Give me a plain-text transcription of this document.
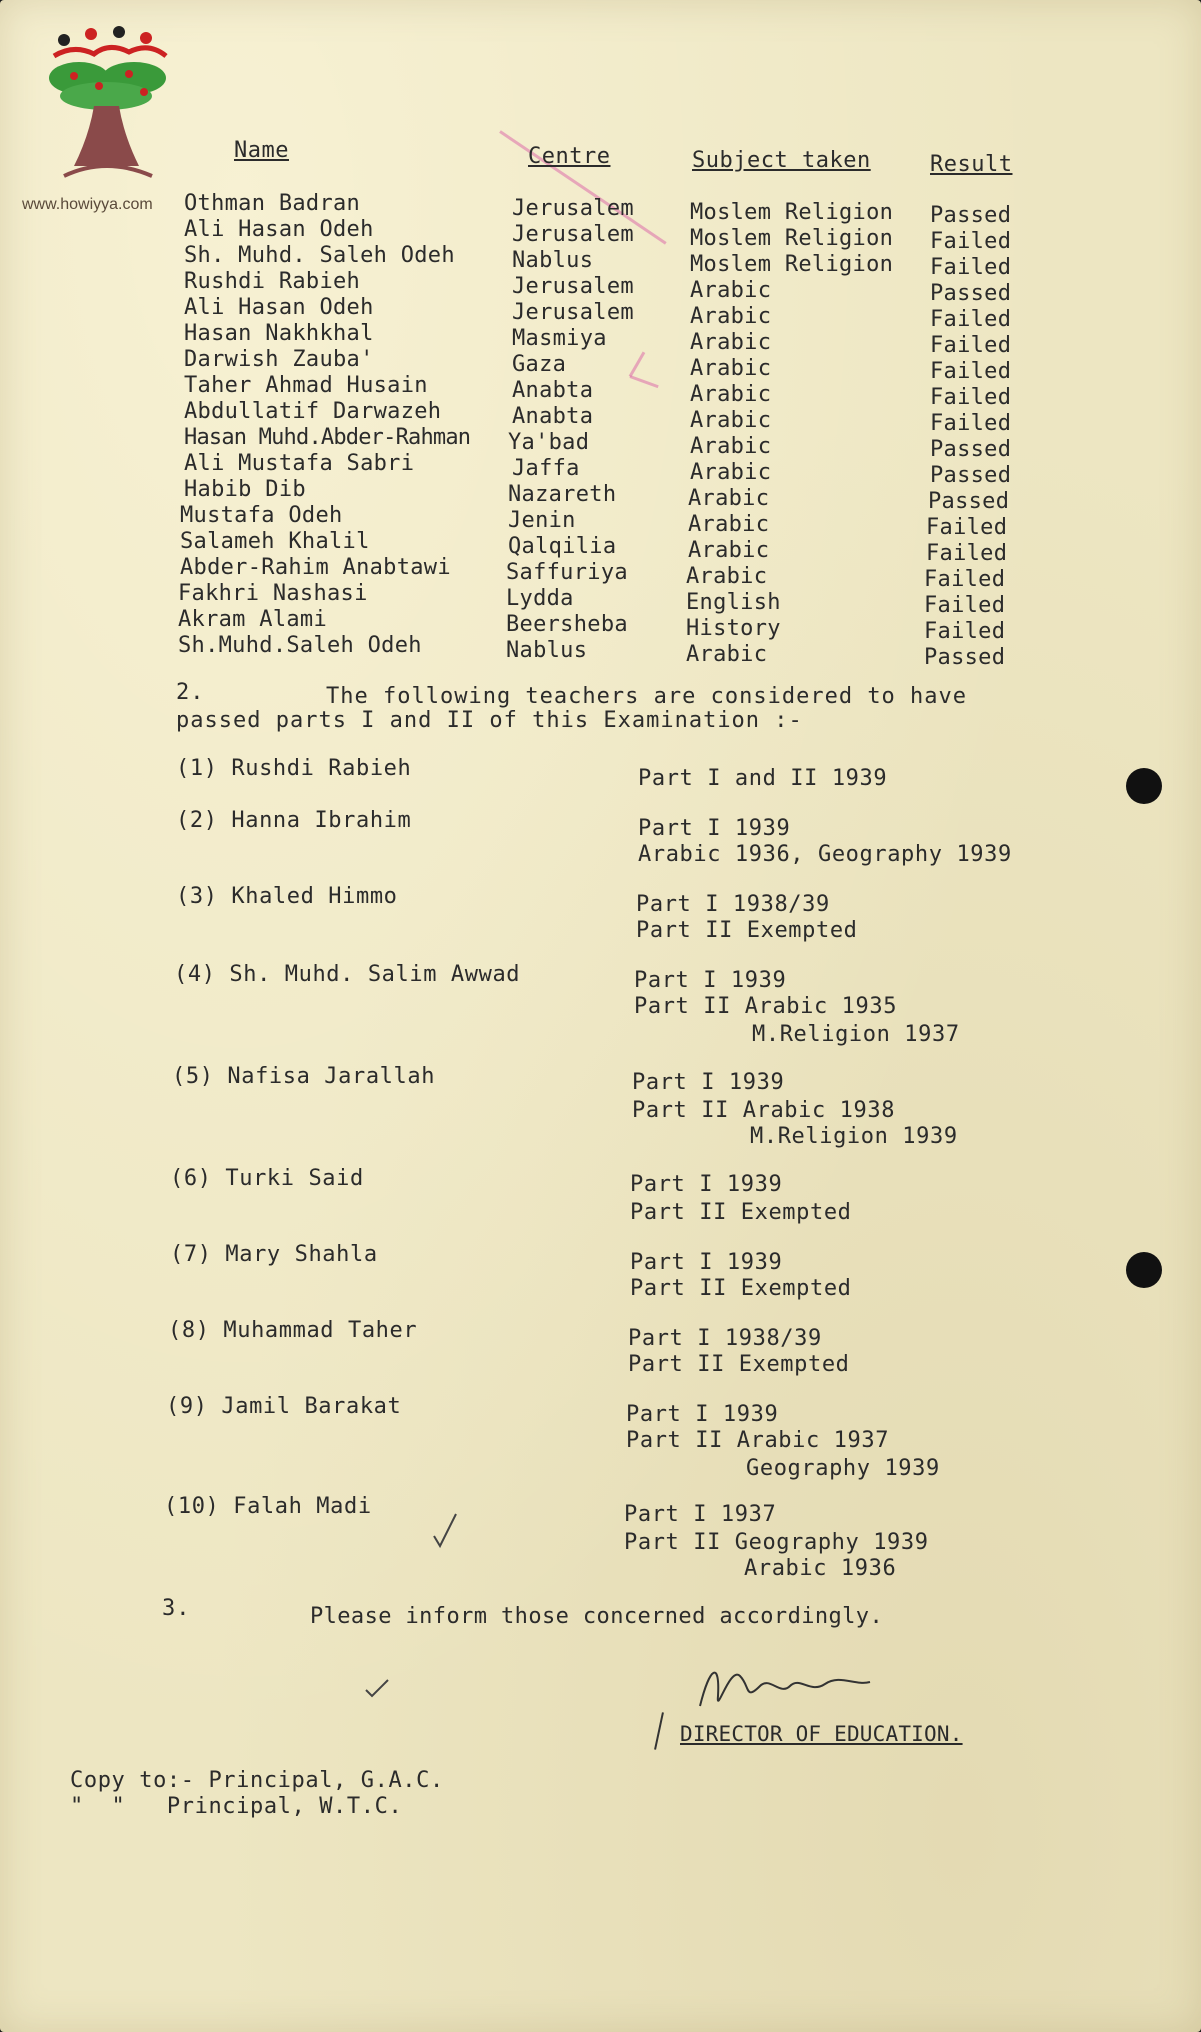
www.howiyya.com
Name	Centre	Subject taken	Result
Othman Badran	Jerusalem	Moslem Religion Passed
Ali Hasan Odeh	Jerusalem	Moslem Religion Failed
Sh. Muhd. Saleh Odeh	Nablus	Moslem Religion Failed
Rushdi Rabieh	Jerusalem	Arabic	Passed
Ali Hasan Odeh	Jerusalem	Arabic	Failed
Hasan Nakhkhal	Masmiya	Arabic	Failed
Darwish Zauba'	Gaza	Arabic	Failed
Taher Ahmad Husain	Anabta	Arabic	Failed
Abdullatif Darwazeh	Anabta	Arabic	Failed
Hasan Muhd.Abder-Rahman Ya'bad	Arabic	Passed
Ali Mustafa Sabri	Jaffa	Arabic	Passed
Habib Dib	Nazareth	Arabic	Passed
Mustafa Odeh	Jenin	Arabic	Failed
Salameh Khalil	Qalqilia	Arabic	Failed
Abder-Rahim Anabtawi	Saffuriya	Arabic	Failed
Fakhri Nashasi	Lydda	English	Failed
Akram Alami	Beersheba	History	Failed
Sh.Muhd.Saleh Odeh	Nablus	Arabic	Passed
2.	The following teachers are considered to have
passed parts I and II of this Examination :-
(1) Rushdi Rabieh	Part I and II 1939
(2) Hanna Ibrahim	Part I 1939
Arabic 1936, Geography 1939
(3) Khaled Himmo	Part I 1938/39
Part II Exempted
(4) Sh. Muhd. Salim Awwad	Part I 1939
Part II Arabic 1935
M.Religion 1937
(5) Nafisa Jarallah	Part I 1939
Part II Arabic 1938
M.Religion 1939
(6) Turki Said	Part I 1939
Part II Exempted
(7) Mary Shahla	Part I 1939
Part II Exempted
(8) Muhammad Taher	Part I 1938/39
Part II Exempted
(9) Jamil Barakat	Part I 1939
Part II Arabic 1937
Geography 1939
(10) Falah Madi	Part I 1937
Part II Geography 1939
Arabic 1936
3.	Please inform those concerned accordingly.
DIRECTOR OF EDUCATION.
Copy to:- Principal, G.A.C.
"  "   Principal, W.T.C.
